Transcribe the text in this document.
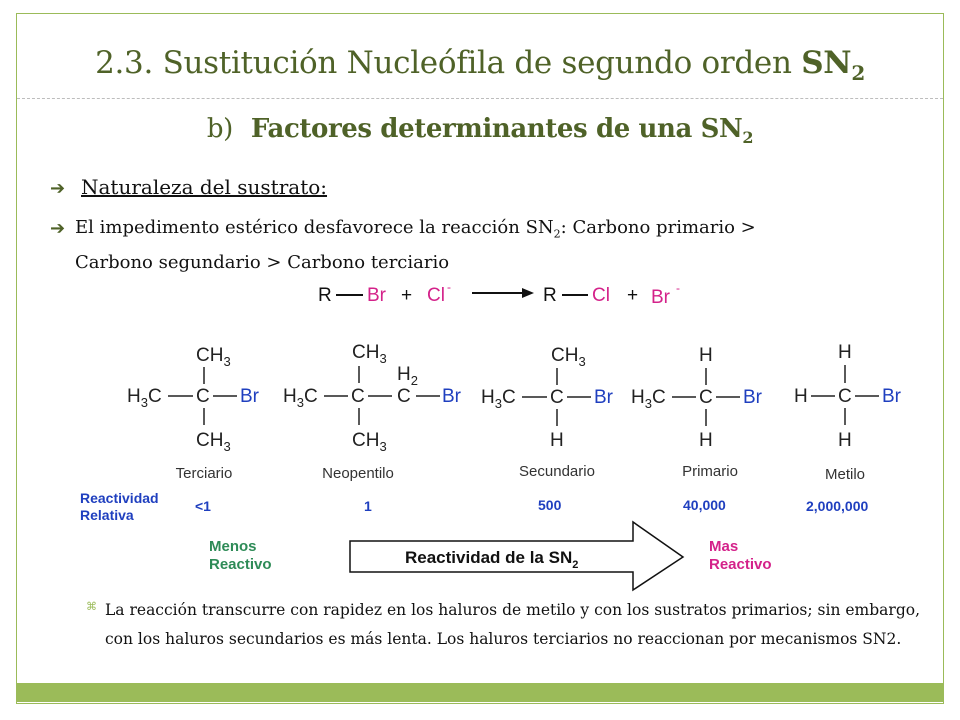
2.3. Sustitución Nucleófila de segundo orden $SN_2$
b) Factores determinantes de una $SN_2$
➔ Naturaleza del sustrato:
➔ El impedimento estérico desfavorece la reacción $SN_2$: Carbono primario >
Carbono segundario > Carbono terciario
R Br + Cl -	R Cl + Br -
$CH_3$
$H_3C$ C Br
$CH_3$
$CH_3$
$H_3C$ C
$H_2$
C Br
$CH_3$
$CH_3$
$H_3C$ C Br
H
H
$H_3C$ C Br
H
H
H C Br
H
Terciario	Neopentilo	Secundario	Primario	Metilo
Reactividad
Relativa
<1	1	500	40,000	2,000,000
Menos
Reactivo
Mas
Reactivo
Reactividad de la $SN_2$
⌘ La reacción transcurre con rapidez en los haluros de metilo y con los sustratos primarios; sin embargo, con los haluros secundarios es más lenta. Los haluros terciarios no reaccionan por mecanismos SN2.
